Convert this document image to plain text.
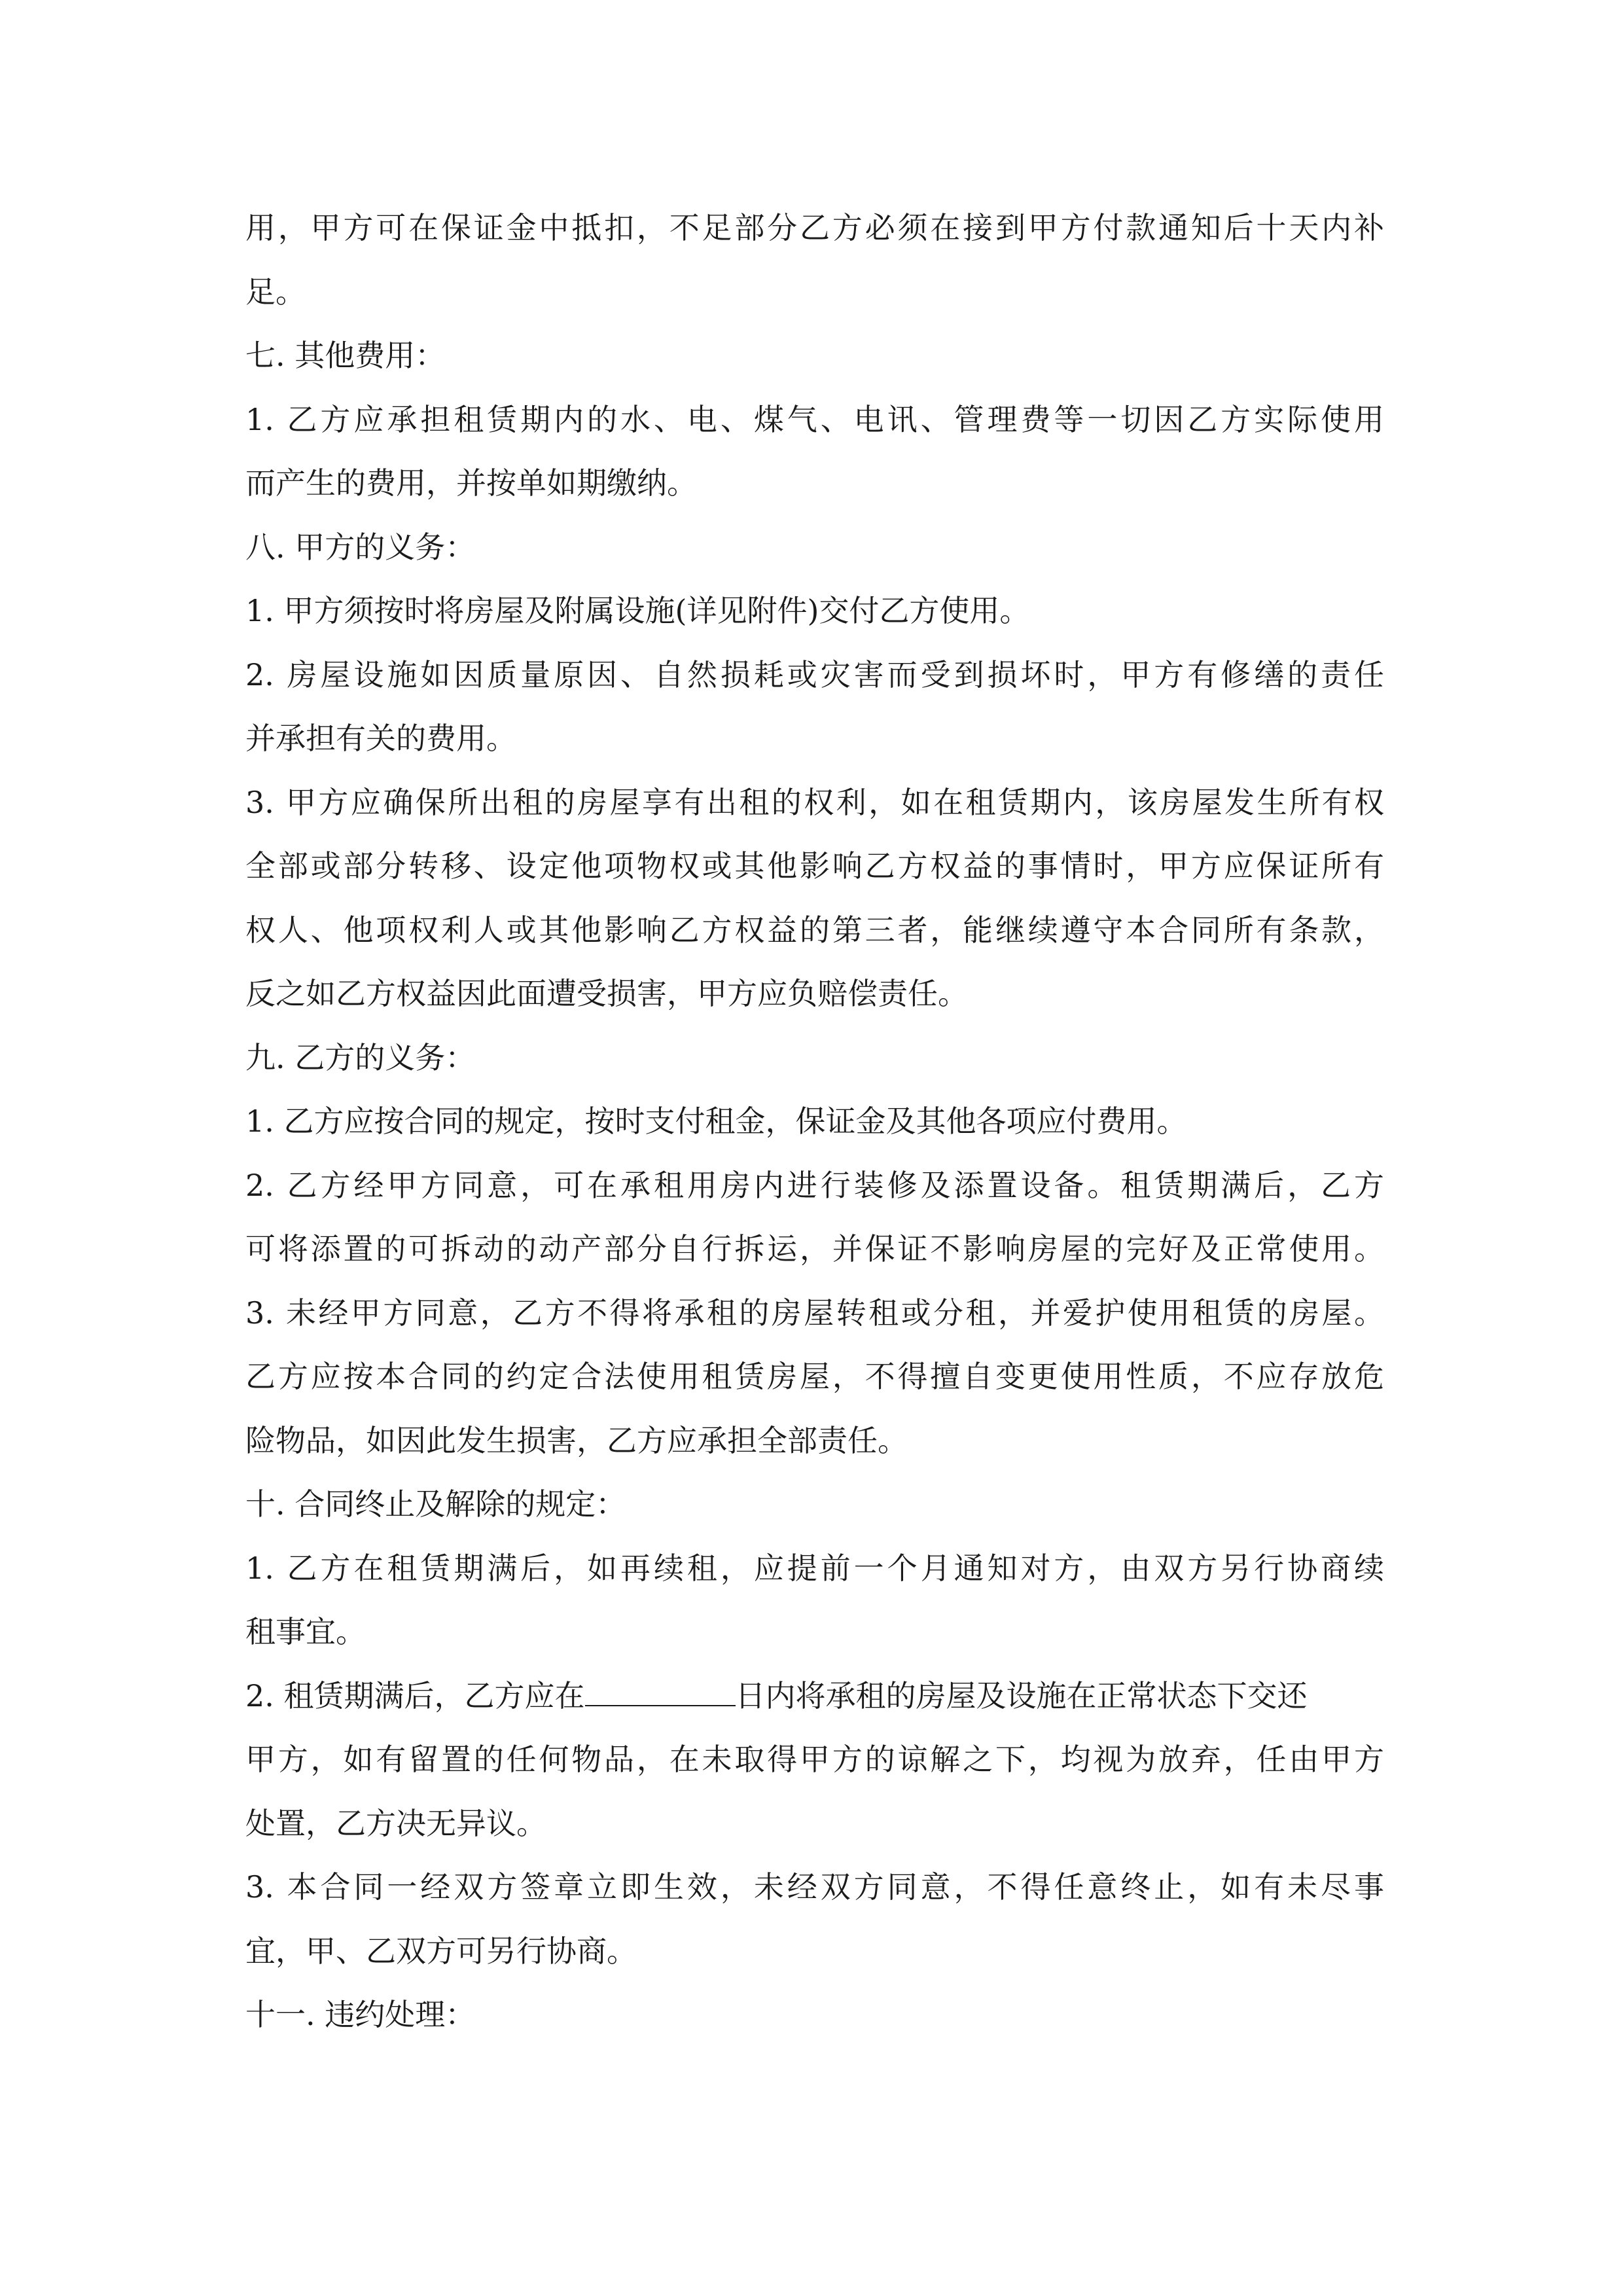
用，甲方可在保证金中抵扣，不足部分乙方必须在接到甲方付款通知后十天内补

足。

七. 其他费用：

1. 乙方应承担租赁期内的水、电、煤气、电讯、管理费等一切因乙方实际使用

而产生的费用，并按单如期缴纳。

八. 甲方的义务：

1. 甲方须按时将房屋及附属设施(详见附件)交付乙方使用。

2. 房屋设施如因质量原因、自然损耗或灾害而受到损坏时，甲方有修缮的责任

并承担有关的费用。

3. 甲方应确保所出租的房屋享有出租的权利，如在租赁期内，该房屋发生所有权

全部或部分转移、设定他项物权或其他影响乙方权益的事情时，甲方应保证所有

权人、他项权利人或其他影响乙方权益的第三者，能继续遵守本合同所有条款，

反之如乙方权益因此面遭受损害，甲方应负赔偿责任。

九. 乙方的义务：

1. 乙方应按合同的规定，按时支付租金，保证金及其他各项应付费用。

2. 乙方经甲方同意，可在承租用房内进行装修及添置设备。租赁期满后，乙方

可将添置的可拆动的动产部分自行拆运，并保证不影响房屋的完好及正常使用。

3. 未经甲方同意，乙方不得将承租的房屋转租或分租，并爱护使用租赁的房屋。

乙方应按本合同的约定合法使用租赁房屋，不得擅自变更使用性质，不应存放危

险物品，如因此发生损害，乙方应承担全部责任。

十. 合同终止及解除的规定：

1. 乙方在租赁期满后，如再续租，应提前一个月通知对方，由双方另行协商续

租事宜。

2. 租赁期满后，乙方应在	日内将承租的房屋及设施在正常状态下交还

甲方，如有留置的任何物品，在未取得甲方的谅解之下，均视为放弃，任由甲方

处置，乙方决无异议。

3. 本合同一经双方签章立即生效，未经双方同意，不得任意终止，如有未尽事

宜，甲、乙双方可另行协商。

十一. 违约处理：
